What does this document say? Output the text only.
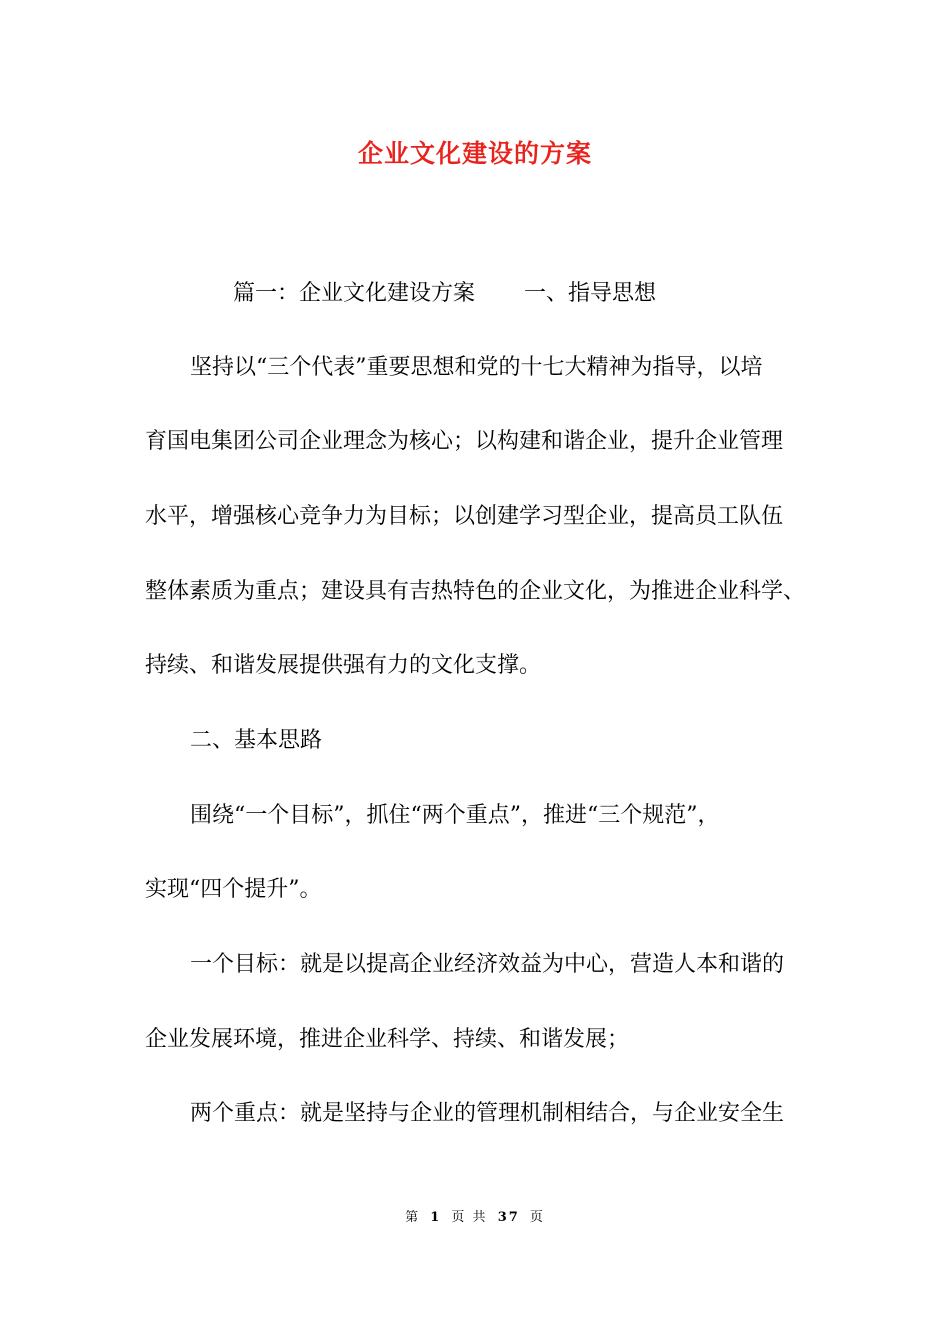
企业文化建设的方案
篇一：企业文化建设方案 一、指导思想

坚持以“三个代表”重要思想和党的十七大精神为指导，以培

育国电集团公司企业理念为核心；以构建和谐企业，提升企业管理

水平，增强核心竞争力为目标；以创建学习型企业，提高员工队伍

整体素质为重点；建设具有吉热特色的企业文化，为推进企业科学、

持续、和谐发展提供强有力的文化支撑。

二、基本思路

围绕“一个目标”，抓住“两个重点”，推进“三个规范”，

实现“四个提升”。

一个目标：就是以提高企业经济效益为中心，营造人本和谐的

企业发展环境，推进企业科学、持续、和谐发展；

两个重点：就是坚持与企业的管理机制相结合，与企业安全生

第 1 页 共 37 页
